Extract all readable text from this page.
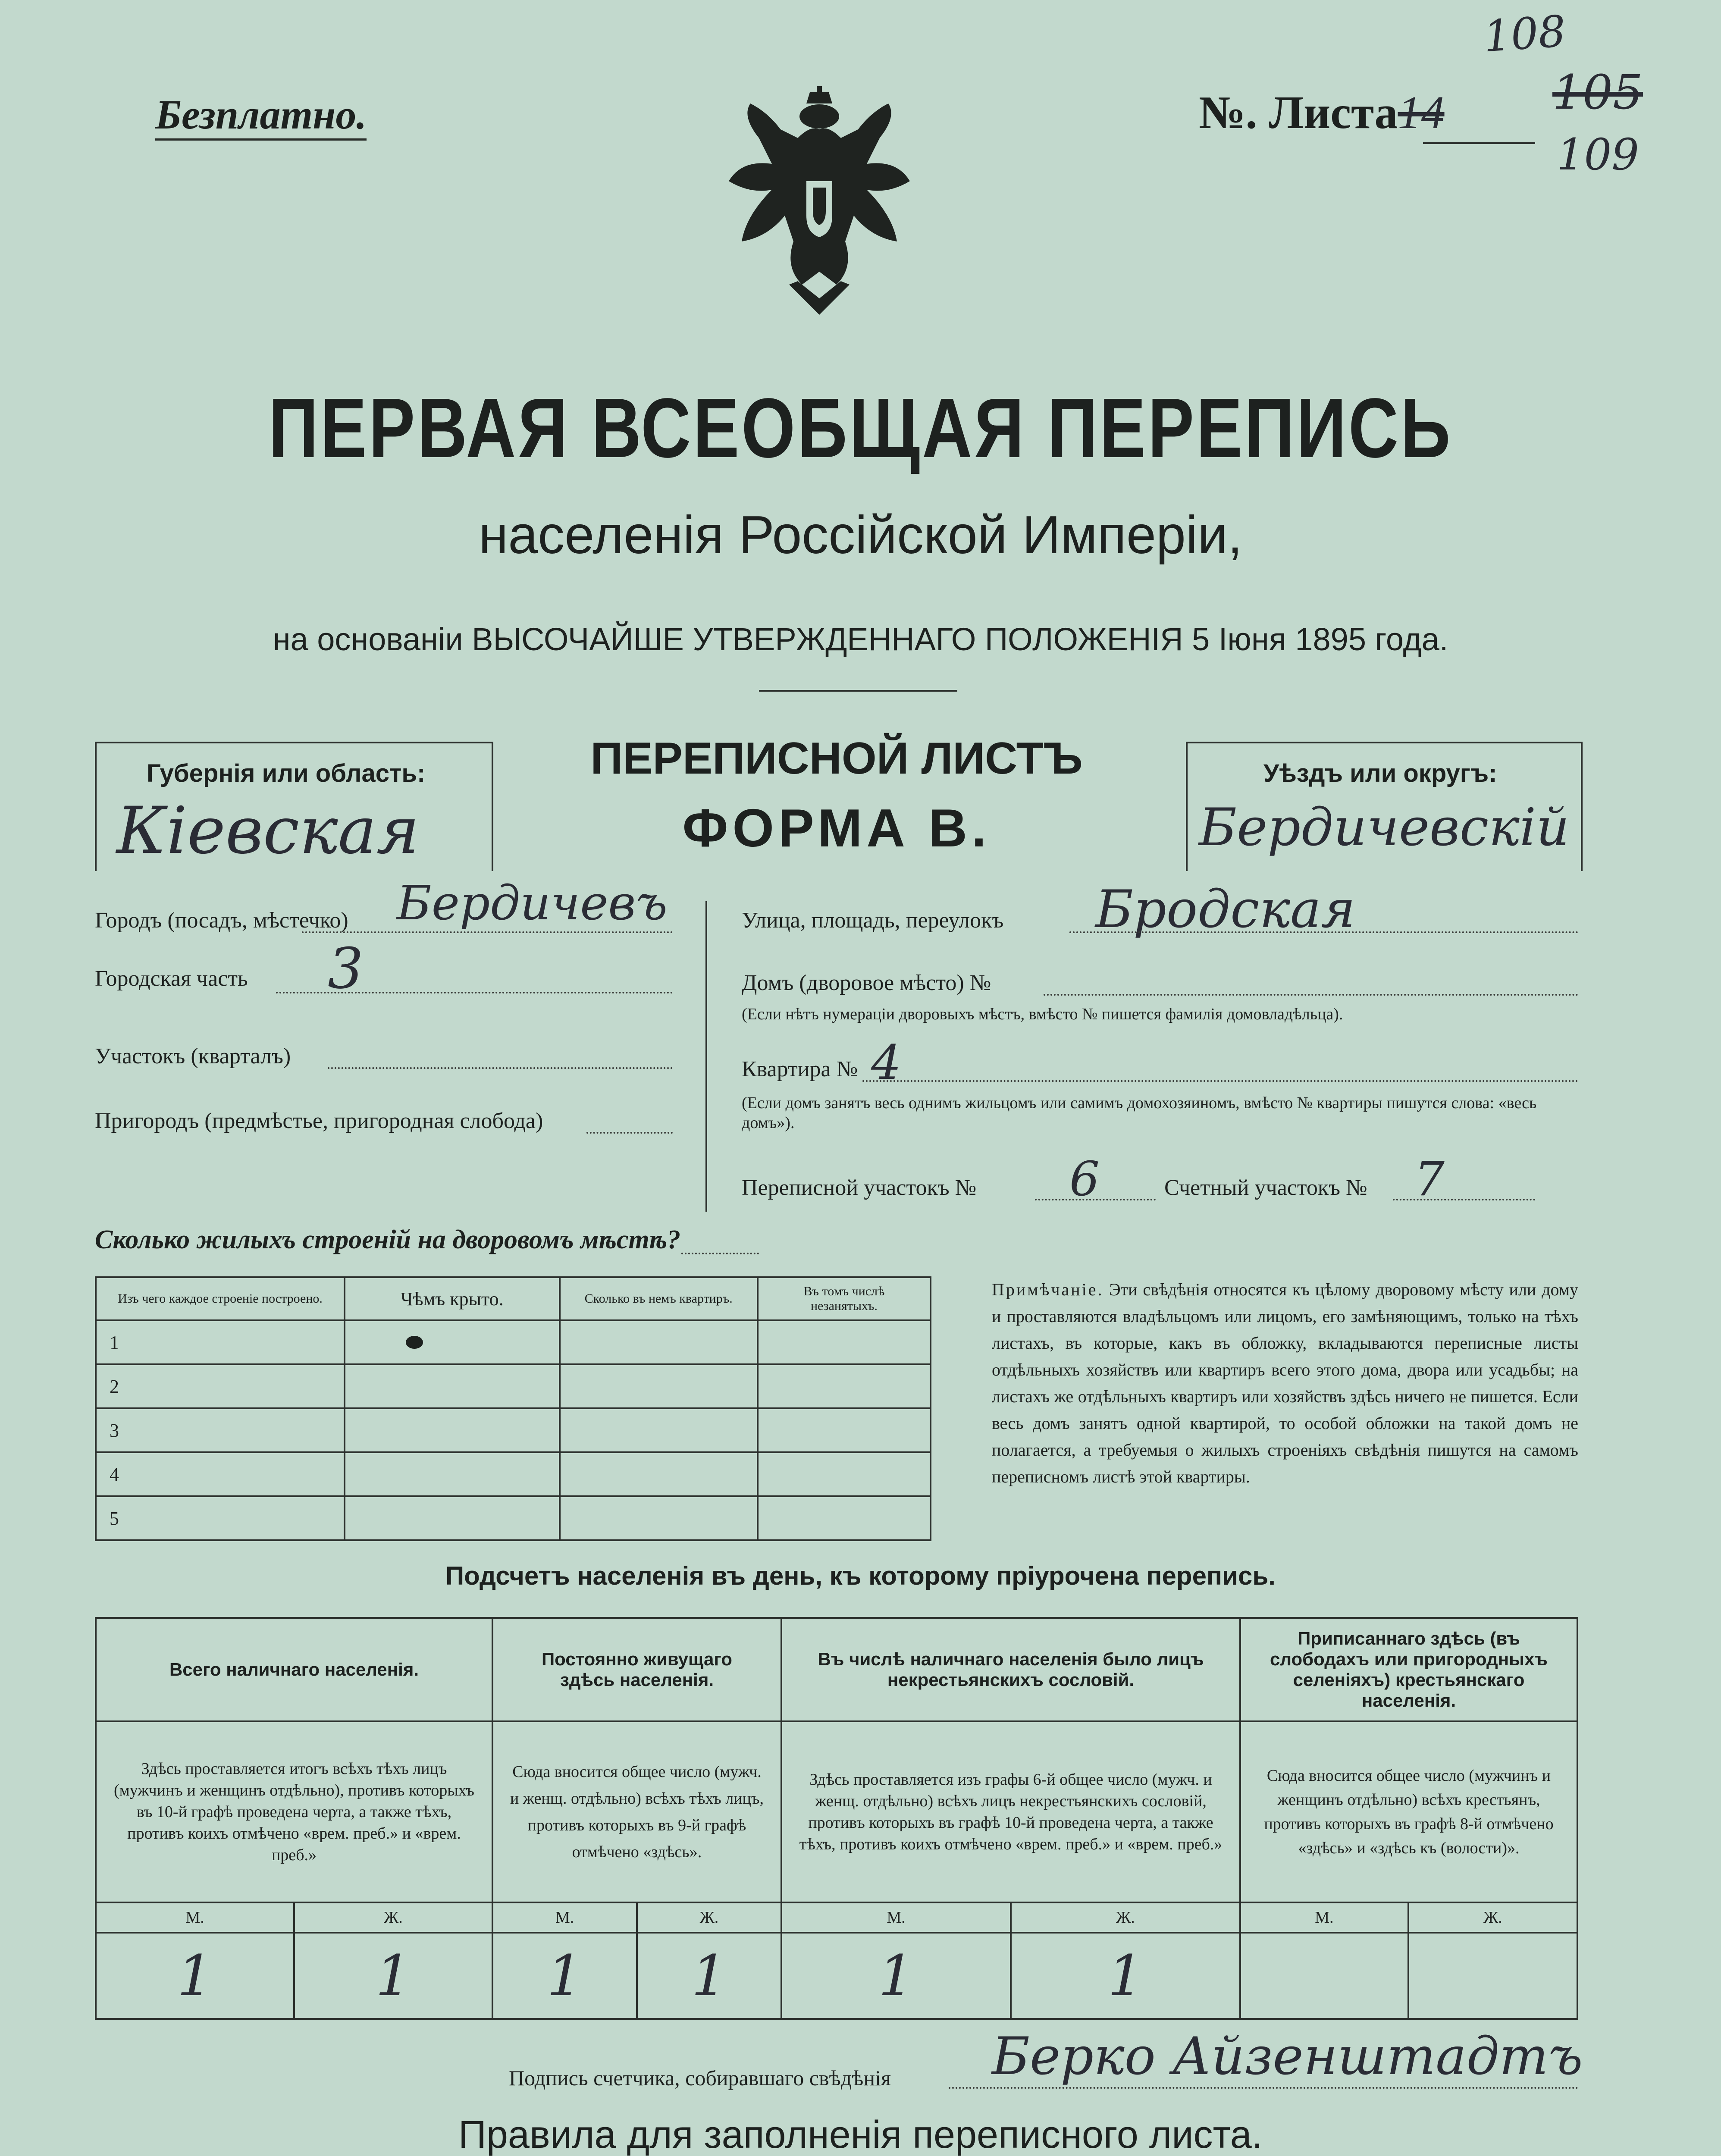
Безплатно.	№. Листа14
108
105
109
ПЕРВАЯ ВСЕОБЩАЯ ПЕРЕПИСЬ
населенія Россійской Имперіи,
на основаніи ВЫСОЧАЙШЕ УТВЕРЖДЕННАГО ПОЛОЖЕНІЯ 5 Іюня 1895 года.
Губернія или область:
Кіевская
ПЕРЕПИСНОЙ ЛИСТЪ
ФОРМА В.
Уѣздъ или округъ:
Бердичевскій
Городъ (посадъ, мѣстечко) Бердичевъ
Городская часть 3
Участокъ (кварталъ)
Пригородъ (предмѣстье, пригородная слобода)
Улица, площадь, переулокъ Бродская
Домъ (дворовое мѣсто) №
(Если нѣтъ нумераціи дворовыхъ мѣстъ, вмѣсто № пишется фамилія домовладѣльца).
Квартира № 4
(Если домъ занятъ весь однимъ жильцомъ или самимъ домохозяиномъ, вмѣсто № квартиры пишутся слова: «весь домъ»).
Переписной участокъ № 6	Счетный участокъ № 7
Сколько жилыхъ строеній на дворовомъ мѣстѣ?
Изъ чего каждое строеніе построено.	Чѣмъ крыто.	Сколько въ немъ квартиръ.	Въ томъ числѣ незанятыхъ.

1	

2			
3			
4			
5			
Примѣчаніе. Эти свѣдѣнія относятся къ цѣлому дворовому мѣсту или дому и проставляются владѣльцомъ или лицомъ, его замѣняющимъ, только на тѣхъ листахъ, въ которые, какъ въ обложку, вкладываются переписные листы отдѣльныхъ хозяйствъ или квартиръ всего этого дома, двора или усадьбы; на листахъ же отдѣльныхъ квартиръ или хозяйствъ здѣсь ничего не пишется. Если весь домъ занятъ одной квартирой, то особой обложки на такой домъ не полагается, а требуемыя о жилыхъ строеніяхъ свѣдѣнія пишутся на самомъ переписномъ листѣ этой квартиры.
Подсчетъ населенія въ день, къ которому пріурочена перепись.
Всего наличнаго населенія.		Постоянно живущаго здѣсь населенія.		Въ числѣ наличнаго населенія было лицъ некрестьянскихъ сословій.		Приписаннаго здѣсь (въ слободахъ или пригородныхъ селеніяхъ) крестьянскаго населенія.	
Здѣсь проставляется итогъ всѣхъ тѣхъ лицъ (мужчинъ и женщинъ отдѣльно), противъ которыхъ въ 10-й графѣ проведена черта, а также тѣхъ, противъ коихъ отмѣчено «врем. преб.» и «врем. преб.»		Сюда вносится общее число (мужч. и женщ. отдѣльно) всѣхъ тѣхъ лицъ, противъ которыхъ въ 9-й графѣ отмѣчено «здѣсь».		Здѣсь проставляется изъ графы 6-й общее число (мужч. и женщ. отдѣльно) всѣхъ лицъ некрестьянскихъ сословій, противъ которыхъ въ графѣ 10-й проведена черта, а также тѣхъ, противъ коихъ отмѣчено «врем. преб.» и «врем. преб.»		Сюда вносится общее число (мужчинъ и женщинъ отдѣльно) всѣхъ крестьянъ, противъ которыхъ въ графѣ 8-й отмѣчено «здѣсь» и «здѣсь къ (волости)».	
М.	Ж.	М.	Ж.	М.	Ж.	М.	Ж.
1	1	1	1	1	1		
Подпись счетчика, собиравшаго свѣдѣнія Берко Айзенштадтъ
Правила для заполненія переписного листа.
